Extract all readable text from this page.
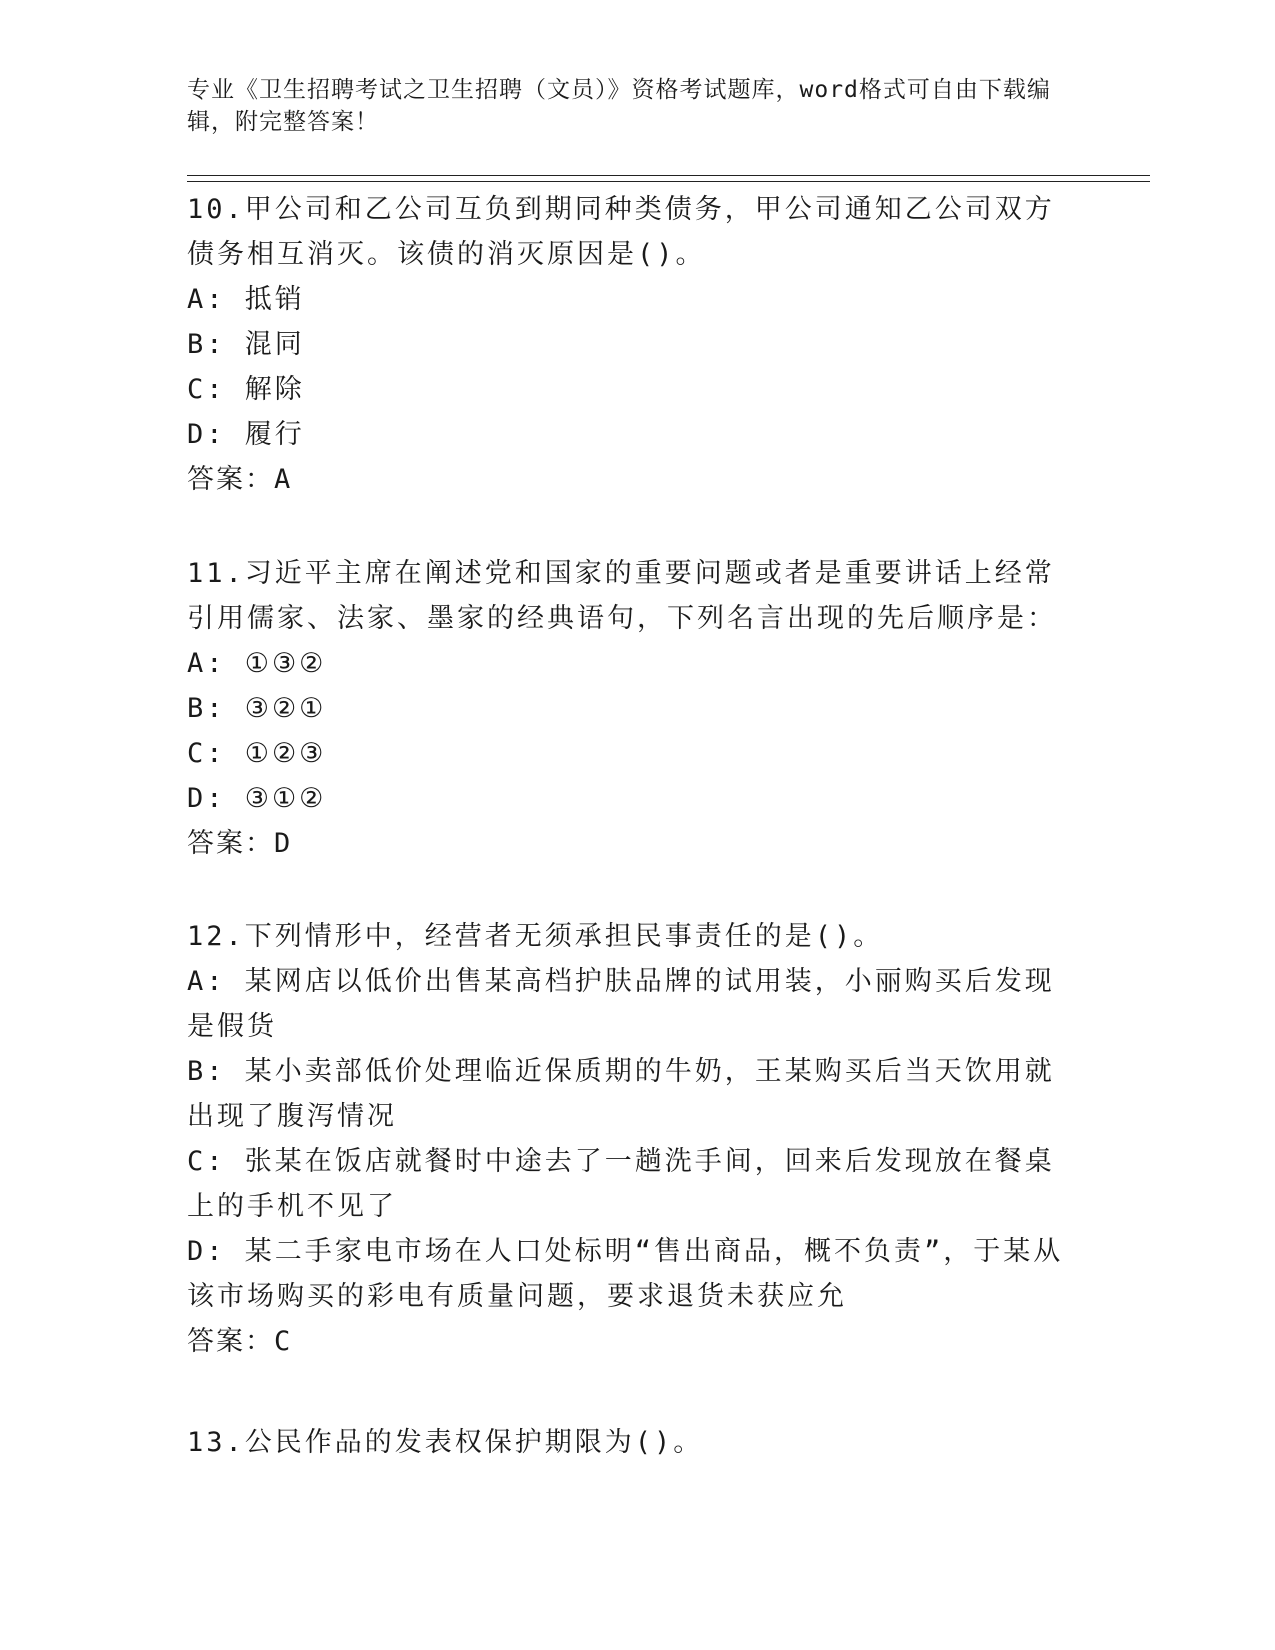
专业《卫生招聘考试之卫生招聘（文员）》资格考试题库，word格式可自由下载编辑，附完整答案！

10.甲公司和乙公司互负到期同种类债务，甲公司通知乙公司双方债务相互消灭。该债的消灭原因是()。

A: 抵销

B: 混同

C: 解除

D: 履行

答案：A

11.习近平主席在阐述党和国家的重要问题或者是重要讲话上经常引用儒家、法家、墨家的经典语句，下列名言出现的先后顺序是：

A: ①③②

B: ③②①

C: ①②③

D: ③①②

答案：D

12.下列情形中，经营者无须承担民事责任的是()。

A: 某网店以低价出售某高档护肤品牌的试用装，小丽购买后发现是假货

B: 某小卖部低价处理临近保质期的牛奶，王某购买后当天饮用就出现了腹泻情况

C: 张某在饭店就餐时中途去了一趟洗手间，回来后发现放在餐桌上的手机不见了

D: 某二手家电市场在人口处标明“售出商品，概不负责”，于某从该市场购买的彩电有质量问题，要求退货未获应允

答案：C

13.公民作品的发表权保护期限为()。
